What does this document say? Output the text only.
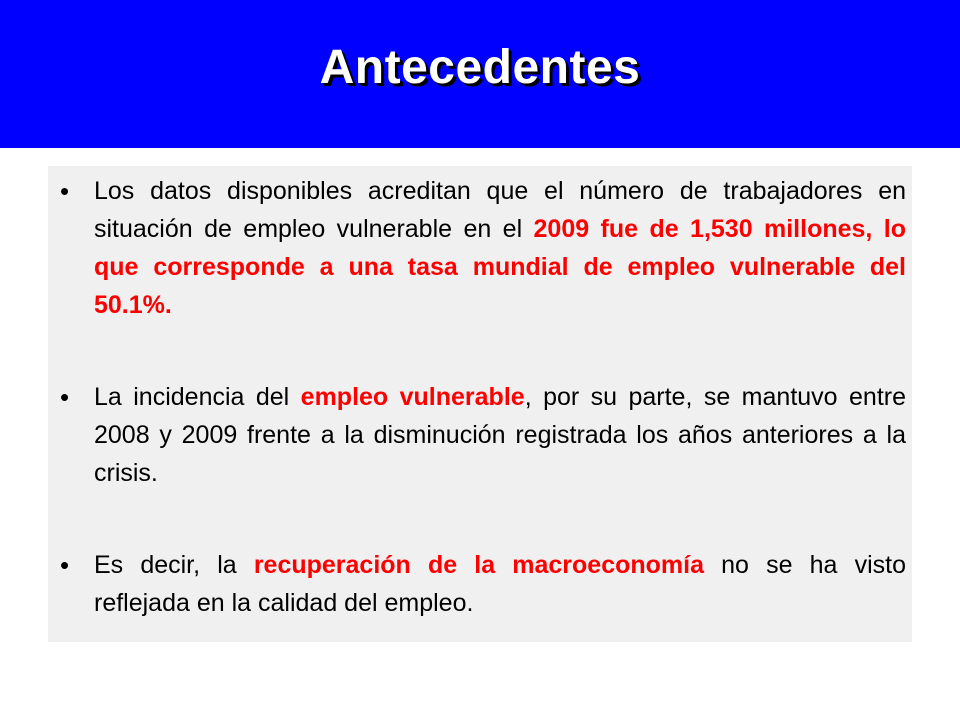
Antecedentes
• Los datos disponibles acreditan que el número de trabajadores en situación de empleo vulnerable en el 2009 fue de 1,530 millones, lo que corresponde a una tasa mundial de empleo vulnerable del 50.1%.

• La incidencia del empleo vulnerable, por su parte, se mantuvo entre 2008 y 2009 frente a la disminución registrada los años anteriores a la crisis.

• Es decir, la recuperación de la macroeconomía no se ha visto reflejada en la calidad del empleo.
